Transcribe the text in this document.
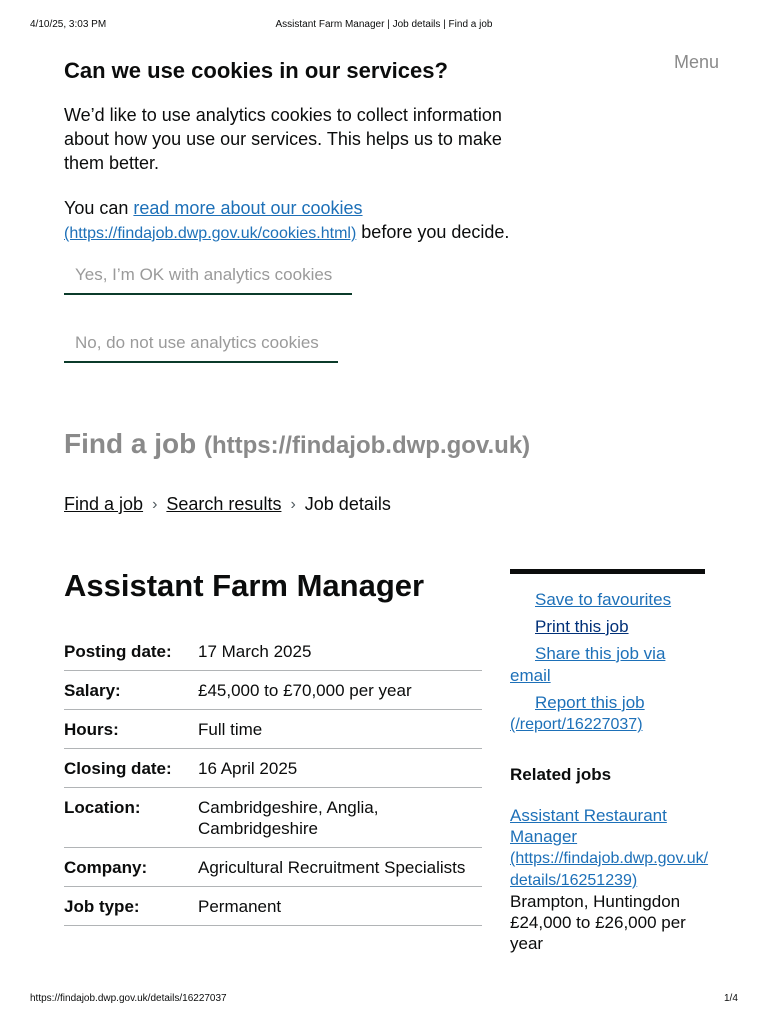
4/10/25, 3:03 PM	Assistant Farm Manager | Job details | Find a job
Can we use cookies in our services?

We’d like to use analytics cookies to collect information about how you use our services. This helps us to make them better.

You can read more about our cookies
(https://findajob.dwp.gov.uk/cookies.html) before you decide.

Yes, I’m OK with analytics cookies
No, do not use analytics cookies
Menu
Find a job (https://findajob.dwp.gov.uk)
Find a job › Search results › Job details
Assistant Farm Manager
Posting date:	17 March 2025
Salary:	£45,000 to £70,000 per year
Hours:	Full time
Closing date:	16 April 2025
Location:	Cambridgeshire, Anglia, Cambridgeshire
Company:	Agricultural Recruitment Specialists
Job type:	Permanent
Save to favourites
Print this job
Share this job via email
Report this job
(/report/16227037)
Related jobs
Assistant Restaurant Manager
(https://findajob.dwp.gov.uk/details/16251239)
Brampton, Huntingdon
£24,000 to £26,000 per year
https://findajob.dwp.gov.uk/details/16227037	1/4
